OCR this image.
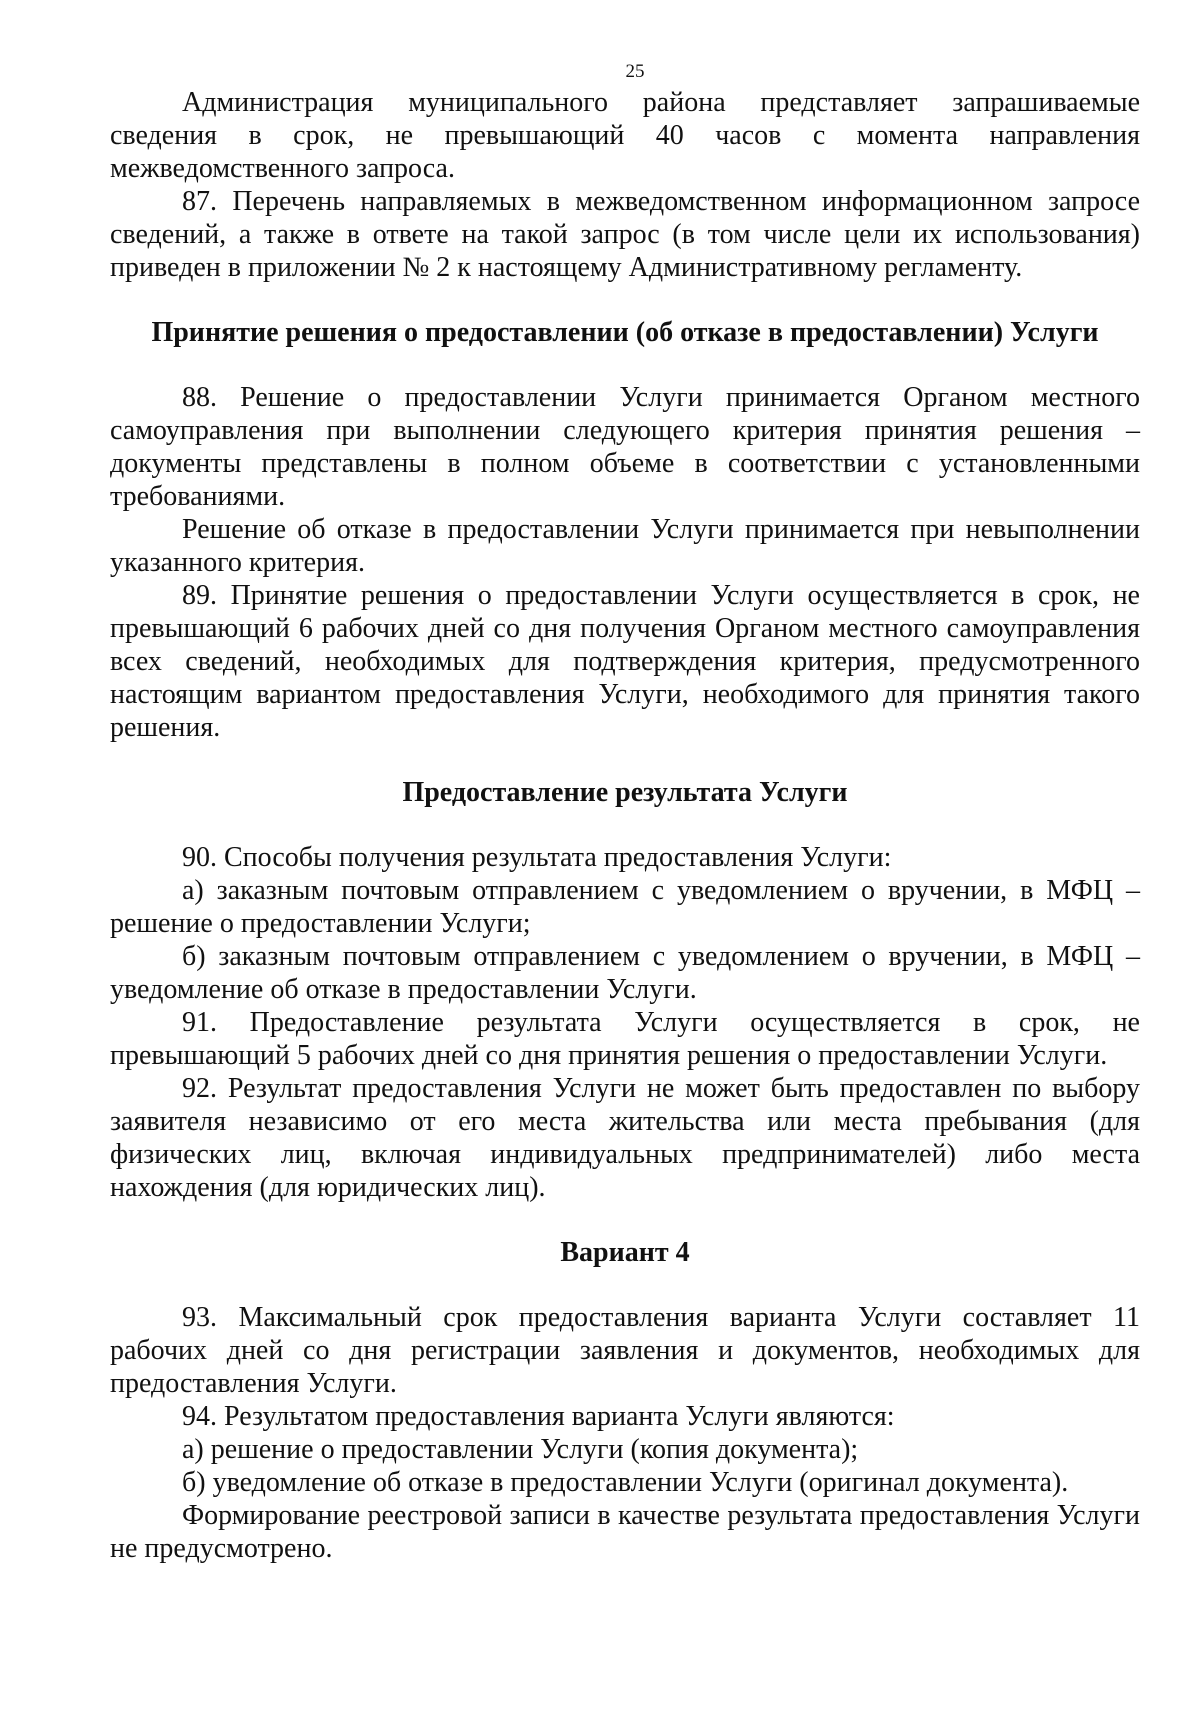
25

Администрация муниципального района представляет запрашиваемые сведения в срок, не превышающий 40 часов с момента направления межведомственного запроса.

87. Перечень направляемых в межведомственном информационном запросе сведений, а также в ответе на такой запрос (в том числе цели их использования) приведен в приложении № 2 к настоящему Административному регламенту.

Принятие решения о предоставлении (об отказе в предоставлении) Услуги

88. Решение о предоставлении Услуги принимается Органом местного самоуправления при выполнении следующего критерия принятия решения – документы представлены в полном объеме в соответствии с установленными требованиями.

Решение об отказе в предоставлении Услуги принимается при невыполнении указанного критерия.

89. Принятие решения о предоставлении Услуги осуществляется в срок, не превышающий 6 рабочих дней со дня получения Органом местного самоуправления всех сведений, необходимых для подтверждения критерия, предусмотренного настоящим вариантом предоставления Услуги, необходимого для принятия такого решения.

Предоставление результата Услуги

90. Способы получения результата предоставления Услуги:

а) заказным почтовым отправлением с уведомлением о вручении, в МФЦ – решение о предоставлении Услуги;

б) заказным почтовым отправлением с уведомлением о вручении, в МФЦ – уведомление об отказе в предоставлении Услуги.

91. Предоставление результата Услуги осуществляется в срок, не превышающий 5 рабочих дней со дня принятия решения о предоставлении Услуги.

92. Результат предоставления Услуги не может быть предоставлен по выбору заявителя независимо от его места жительства или места пребывания (для физических лиц, включая индивидуальных предпринимателей) либо места нахождения (для юридических лиц).

Вариант 4

93. Максимальный срок предоставления варианта Услуги составляет 11 рабочих дней со дня регистрации заявления и документов, необходимых для предоставления Услуги.

94. Результатом предоставления варианта Услуги являются:

а) решение о предоставлении Услуги (копия документа);

б) уведомление об отказе в предоставлении Услуги (оригинал документа).

Формирование реестровой записи в качестве результата предоставления Услуги не предусмотрено.
